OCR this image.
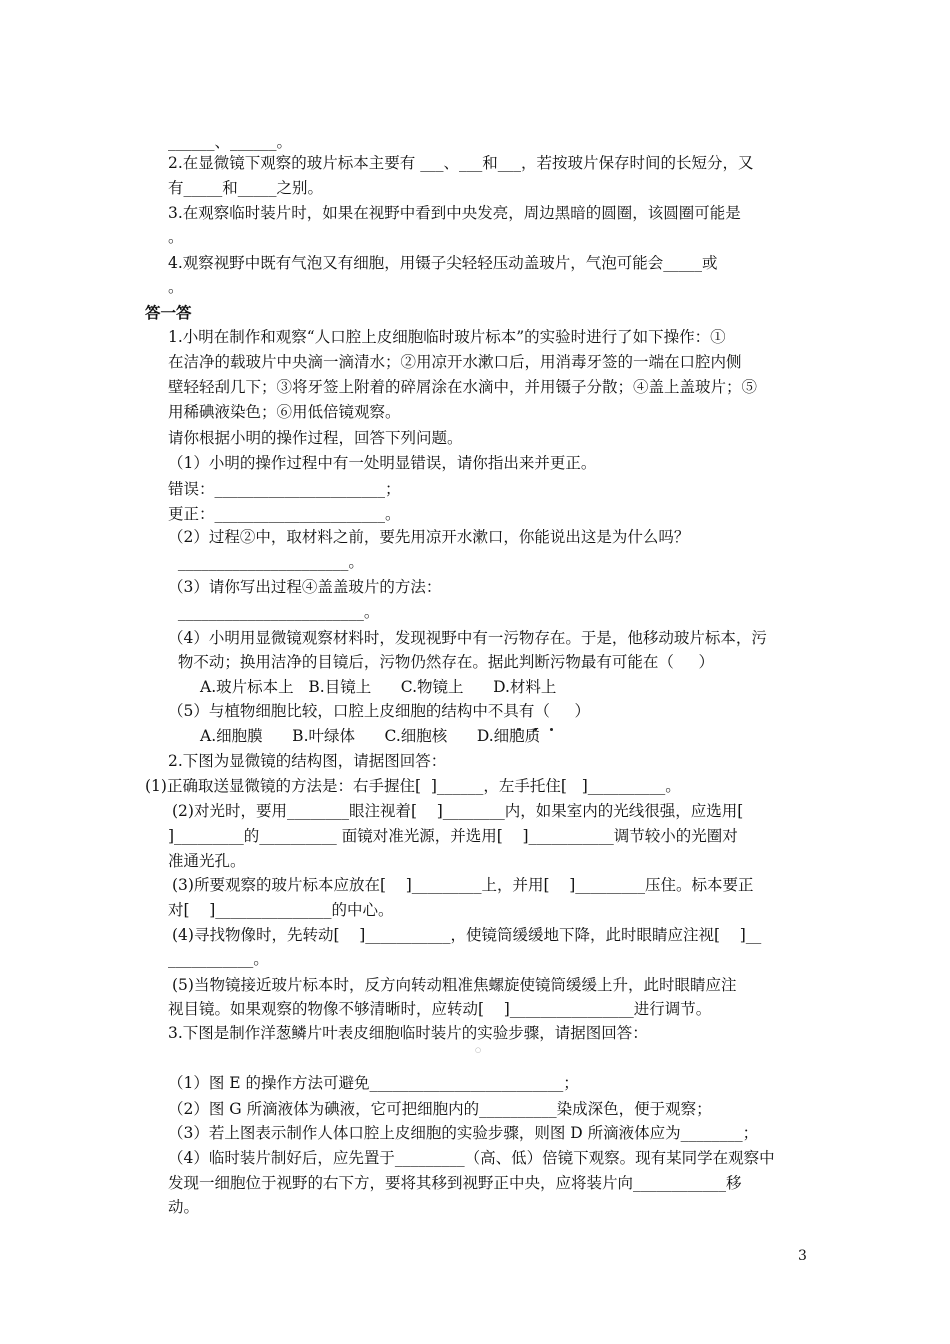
______、______。
2.在显微镜下观察的玻片标本主要有 ___、___和___，若按玻片保存时间的长短分，又
有_____和_____之别。
3.在观察临时装片时，如果在视野中看到中央发亮，周边黑暗的圆圈，该圆圈可能是
。
4.观察视野中既有气泡又有细胞，用镊子尖轻轻压动盖玻片，气泡可能会_____或
。
答一答
1.小明在制作和观察“人口腔上皮细胞临时玻片标本”的实验时进行了如下操作：①
在洁净的载玻片中央滴一滴清水；②用凉开水漱口后，用消毒牙签的一端在口腔内侧
壁轻轻刮几下；③将牙签上附着的碎屑涂在水滴中，并用镊子分散；④盖上盖玻片；⑤
用稀碘液染色；⑥用低倍镜观察。
请你根据小明的操作过程，回答下列问题。
（1）小明的操作过程中有一处明显错误，请你指出来并更正。
错误：______________________；
更正：______________________。
（2）过程②中，取材料之前，要先用凉开水漱口，你能说出这是为什么吗？
______________________。
（3）请你写出过程④盖盖玻片的方法：
________________________。
（4）小明用显微镜观察材料时，发现视野中有一污物存在。于是，他移动玻片标本，污
物不动；换用洁净的目镜后，污物仍然存在。据此判断污物最有可能在（     ）
A.玻片标本上   B.目镜上      C.物镜上      D.材料上
（5）与植物细胞比较，口腔上皮细胞的结构中不具有（     ）
A.细胞膜      B.叶绿体      C.细胞核      D.细胞质
2.下图为显微镜的结构图，请据图回答：
(1)正确取送显微镜的方法是：右手握住[  ]______，左手托住[   ]__________。
(2)对光时，要用________眼注视着[    ]________内，如果室内的光线很强，应选用[
]_________的__________ 面镜对准光源，并选用[    ]___________调节较小的光圈对
准通光孔。
(3)所要观察的玻片标本应放在[    ]_________上，并用[    ]_________压住。标本要正
对[    ]_______________的中心。
(4)寻找物像时，先转动[    ]___________，使镜筒缓缓地下降，此时眼睛应注视[    ]__
___________。
(5)当物镜接近玻片标本时，反方向转动粗准焦螺旋使镜筒缓缓上升，此时眼睛应注
视目镜。如果观察的物像不够清晰时，应转动[    ]________________进行调节。
3.下图是制作洋葱鳞片叶表皮细胞临时装片的实验步骤，请据图回答：
○
（1）图 E 的操作方法可避免_________________________；
（2）图 G 所滴液体为碘液，它可把细胞内的__________染成深色，便于观察；
（3）若上图表示制作人体口腔上皮细胞的实验步骤，则图 D 所滴液体应为________；
（4）临时装片制好后，应先置于_________（高、低）倍镜下观察。现有某同学在观察中
发现一细胞位于视野的右下方，要将其移到视野正中央，应将装片向____________移
动。
3
